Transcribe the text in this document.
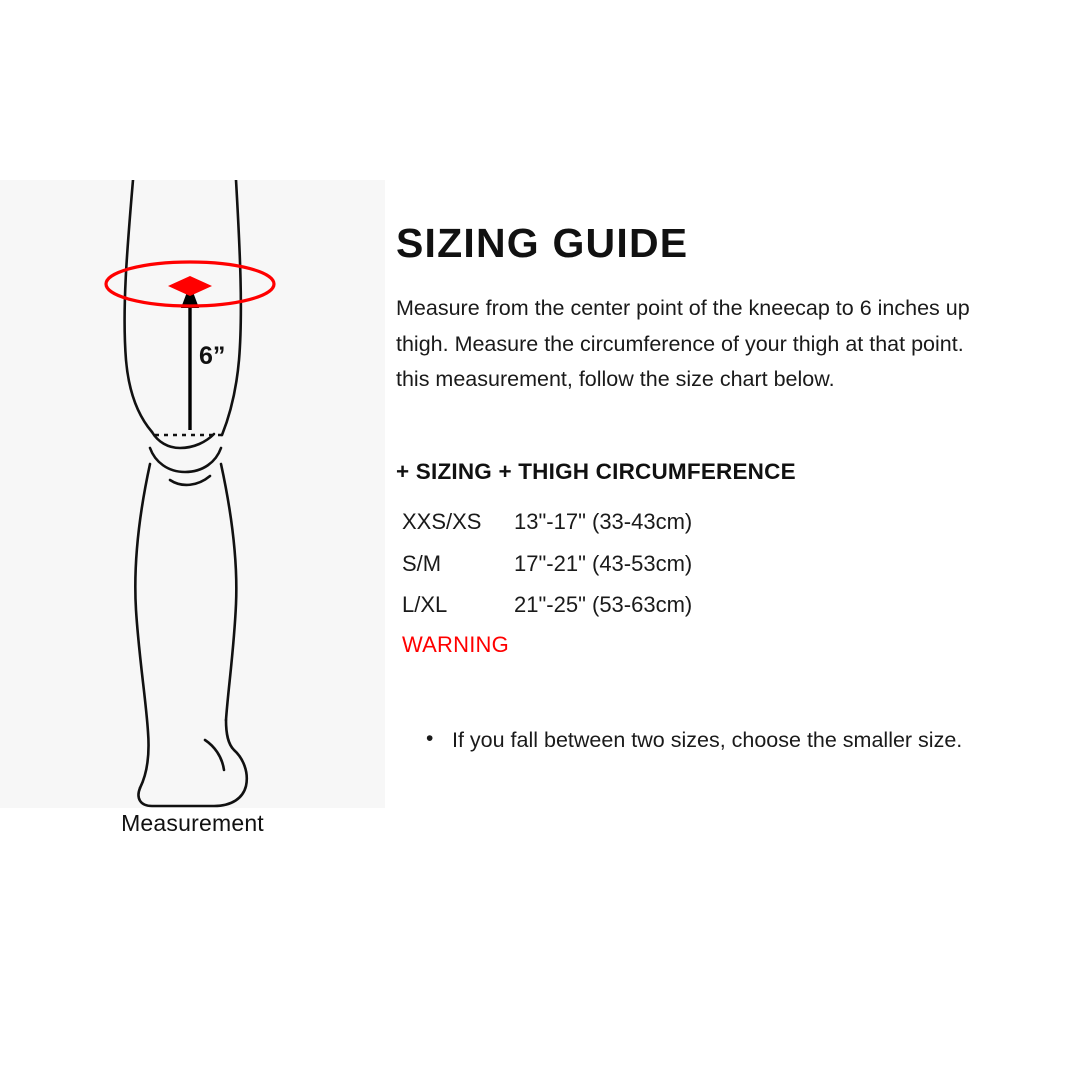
6”
Measurement
SIZING GUIDE

Measure from the center point of the kneecap to 6 inches up
thigh. Measure the circumference of your thigh at that point.
this measurement, follow the size chart below.

+ SIZING + THIGH CIRCUMFERENCE
XXS/XS	13"-17" (33-43cm)
S/M	17"-21" (43-53cm)
L/XL	21"-25" (53-63cm)
WARNING
• If you fall between two sizes, choose the smaller size.
